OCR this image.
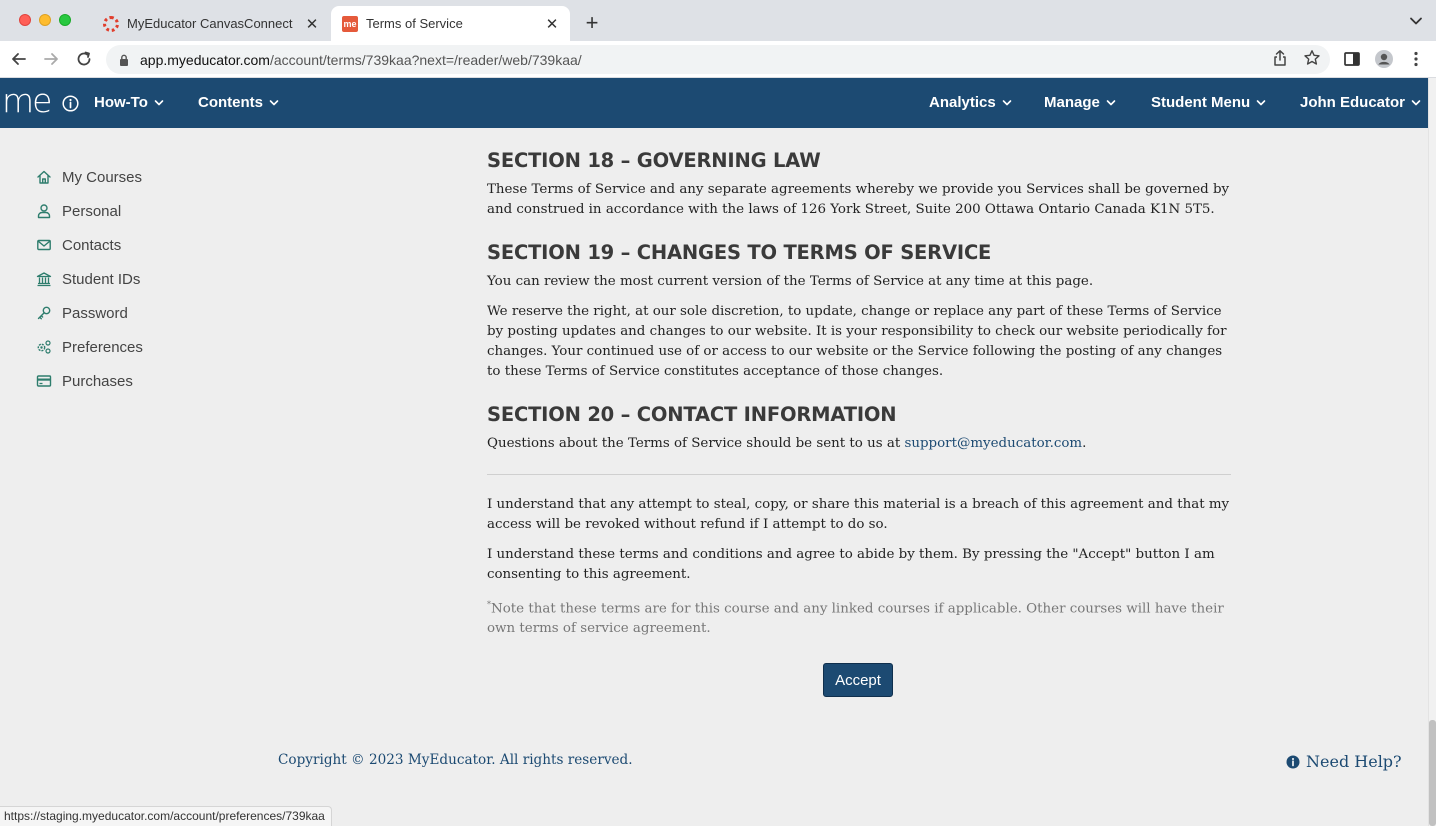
MyEducator CanvasConnect ✕	me Terms of Service	✕ +
app.myeducator.com/account/terms/739kaa?next=/reader/web/739kaa/
me	How-To	Contents	Analytics	Manage	Student Menu	John Educator
My Courses
Personal
Contacts
Student IDs
Password
Preferences
Purchases
SECTION 18 – GOVERNING LAW

These Terms of Service and any separate agreements whereby we provide you Services shall be governed by and construed in accordance with the laws of 126 York Street, Suite 200 Ottawa Ontario Canada K1N 5T5.

SECTION 19 – CHANGES TO TERMS OF SERVICE

You can review the most current version of the Terms of Service at any time at this page.

We reserve the right, at our sole discretion, to update, change or replace any part of these Terms of Service by posting updates and changes to our website. It is your responsibility to check our website periodically for changes. Your continued use of or access to our website or the Service following the posting of any changes to these Terms of Service constitutes acceptance of those changes.

SECTION 20 – CONTACT INFORMATION

Questions about the Terms of Service should be sent to us at support@myeducator.com.

I understand that any attempt to steal, copy, or share this material is a breach of this agreement and that my access will be revoked without refund if I attempt to do so.

I understand these terms and conditions and agree to abide by them. By pressing the "Accept" button I am consenting to this agreement.

*Note that these terms are for this course and any linked courses if applicable. Other courses will have their own terms of service agreement.

Accept
Copyright © 2023 MyEducator. All rights reserved.	Need Help?
https://staging.myeducator.com/account/preferences/739kaa
